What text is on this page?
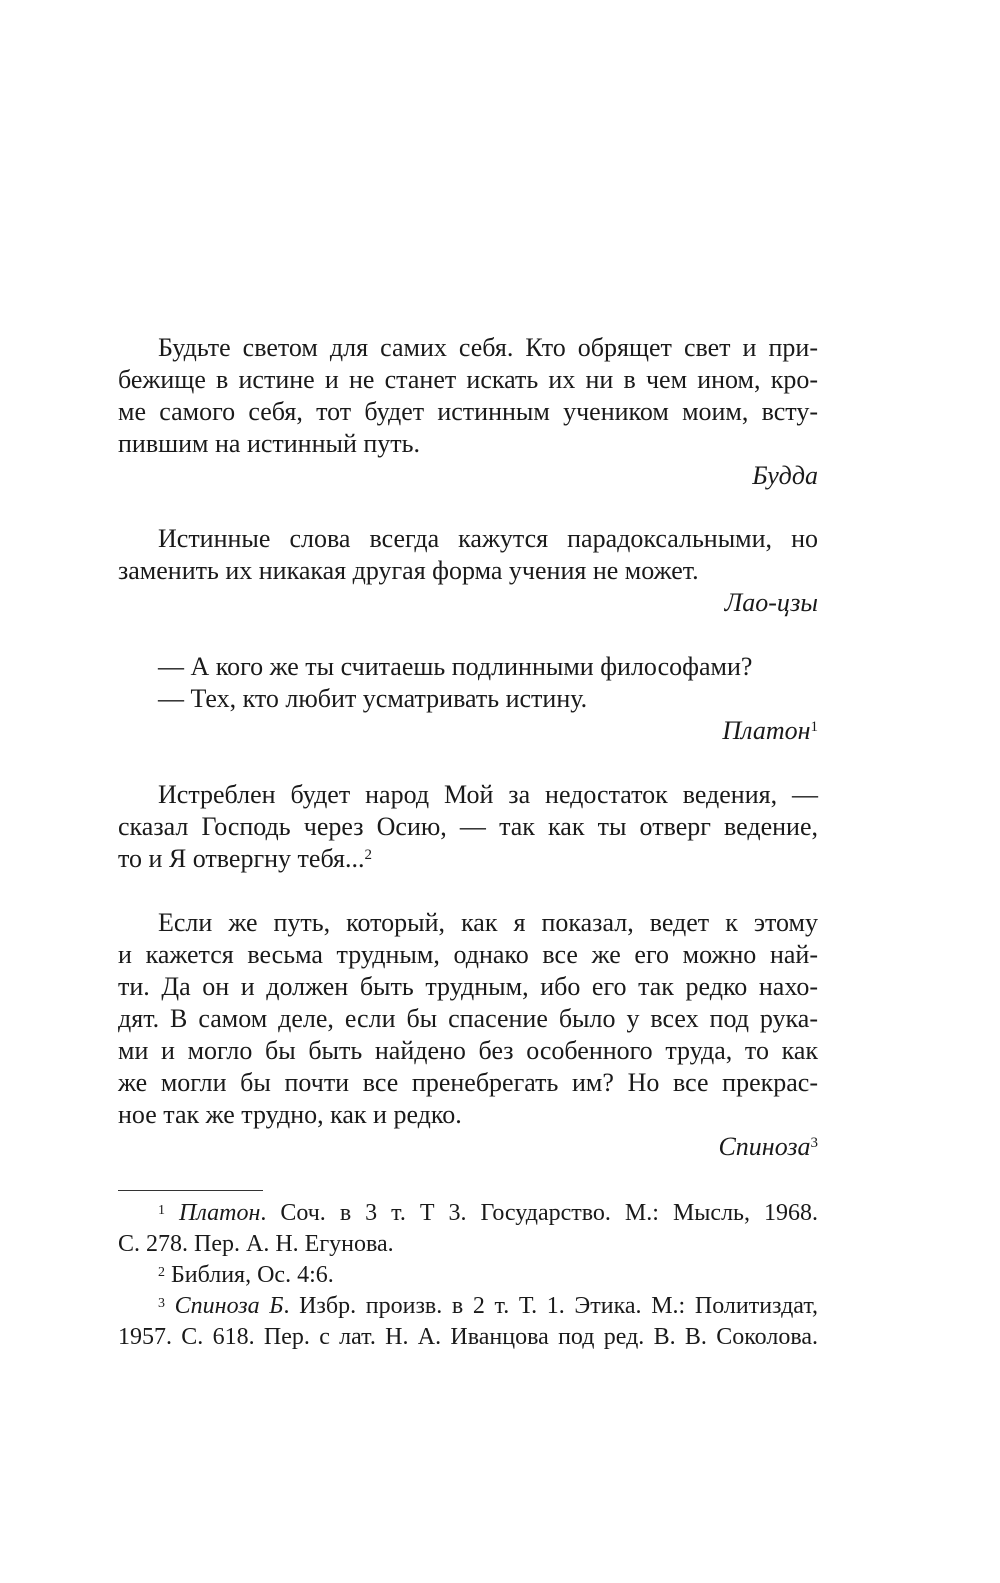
Будьте светом для самих себя. Кто обрящет свет и при-
бежище в истине и не станет искать их ни в чем ином, кро-
ме самого себя, тот будет истинным учеником моим, всту-
пившим на истинный путь.
Будда
Истинные слова всегда кажутся парадоксальными, но
заменить их никакая другая форма учения не может.
Лао-цзы
— А кого же ты считаешь подлинными философами?
— Тех, кто любит усматривать истину.
Платон$^1$
Истреблен будет народ Мой за недостаток ведения, —
сказал Господь через Осию, — так как ты отверг ведение,
то и Я отвергну тебя...$^2$
Если же путь, который, как я показал, ведет к этому
и кажется весьма трудным, однако все же его можно най-
ти. Да он и должен быть трудным, ибо его так редко нахо-
дят. В самом деле, если бы спасение было у всех под рука-
ми и могло бы быть найдено без особенного труда, то как
же могли бы почти все пренебрегать им? Но все прекрас-
ное так же трудно, как и редко.
Спиноза$^3$
$^1$ Платон. Соч. в 3 т. Т 3. Государство. М.: Мысль, 1968.
С. 278. Пер. А. Н. Егунова.
$^2$ Библия, Ос. 4:6.
$^3$ Спиноза Б. Избр. произв. в 2 т. Т. 1. Этика. М.: Политиздат,
1957. С. 618. Пер. с лат. Н. А. Иванцова под ред. В. В. Соколова.
